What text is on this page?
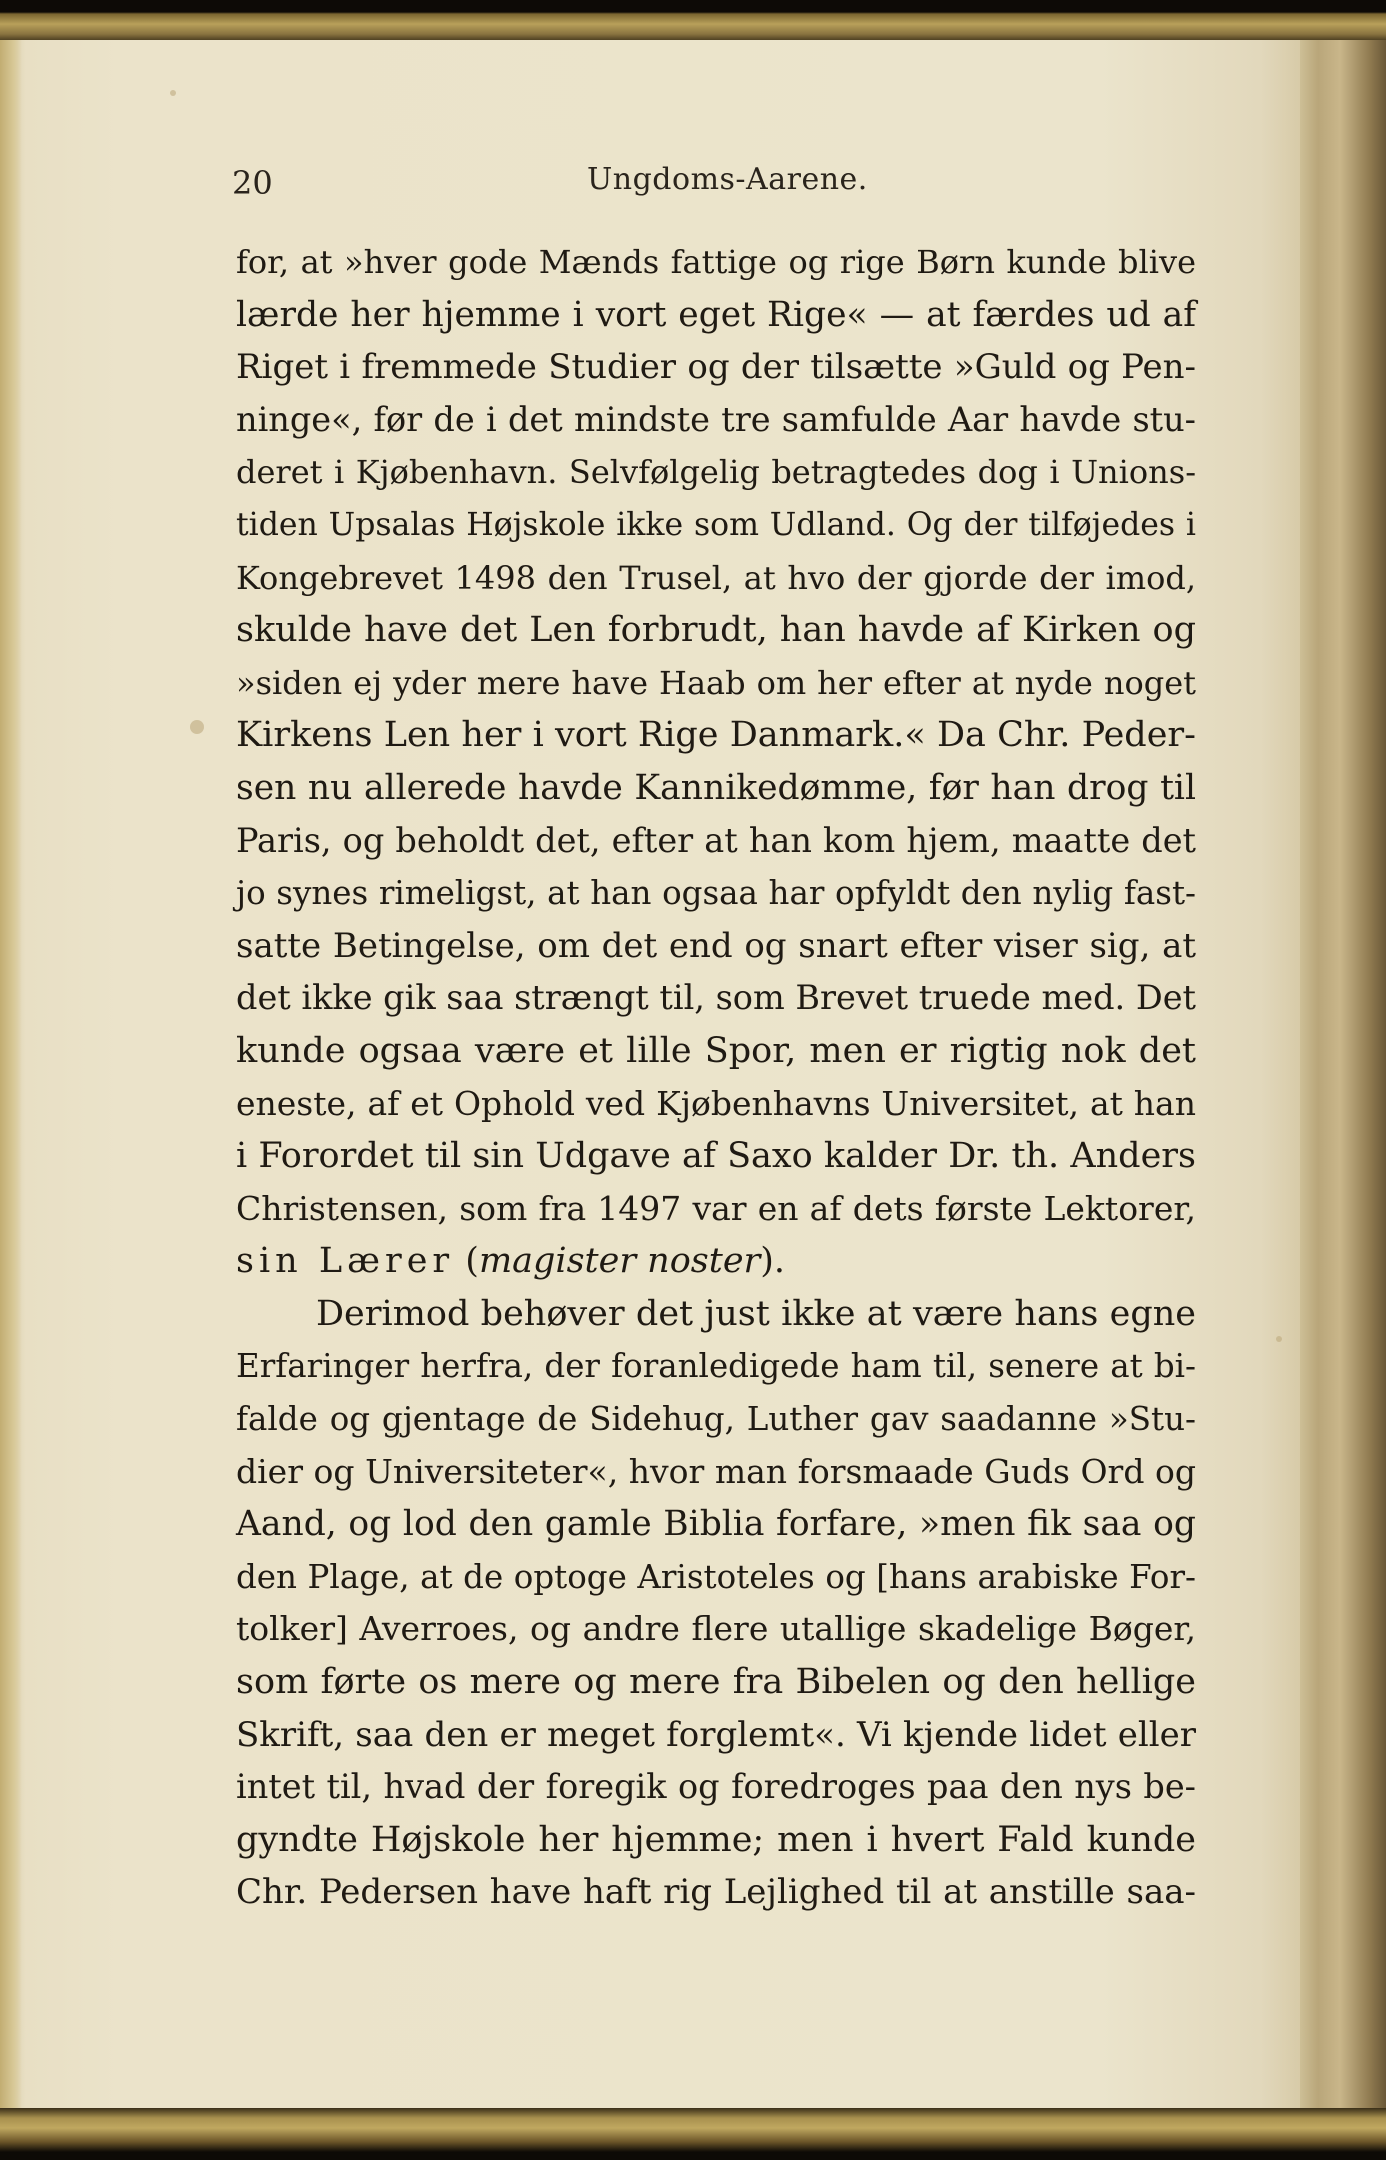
20	Ungdoms-Aarene.
for, at »hver gode Mænds fattige og rige Børn kunde blive
lærde her hjemme i vort eget Rige« — at færdes ud af
Riget i fremmede Studier og der tilsætte »Guld og Pen-
ninge«, før de i det mindste tre samfulde Aar havde stu-
deret i Kjøbenhavn. Selvfølgelig betragtedes dog i Unions-
tiden Upsalas Højskole ikke som Udland. Og der tilføjedes i
Kongebrevet 1498 den Trusel, at hvo der gjorde der imod,
skulde have det Len forbrudt, han havde af Kirken og
»siden ej yder mere have Haab om her efter at nyde noget
Kirkens Len her i vort Rige Danmark.« Da Chr. Peder-
sen nu allerede havde Kannikedømme, før han drog til
Paris, og beholdt det, efter at han kom hjem, maatte det
jo synes rimeligst, at han ogsaa har opfyldt den nylig fast-
satte Betingelse, om det end og snart efter viser sig, at
det ikke gik saa strængt til, som Brevet truede med. Det
kunde ogsaa være et lille Spor, men er rigtig nok det
eneste, af et Ophold ved Kjøbenhavns Universitet, at han
i Forordet til sin Udgave af Saxo kalder Dr. th. Anders
Christensen, som fra 1497 var en af dets første Lektorer,
sin Lærer (magister noster).
Derimod behøver det just ikke at være hans egne
Erfaringer herfra, der foranledigede ham til, senere at bi-
falde og gjentage de Sidehug, Luther gav saadanne »Stu-
dier og Universiteter«, hvor man forsmaade Guds Ord og
Aand, og lod den gamle Biblia forfare, »men fik saa og
den Plage, at de optoge Aristoteles og [hans arabiske For-
tolker] Averroes, og andre flere utallige skadelige Bøger,
som førte os mere og mere fra Bibelen og den hellige
Skrift, saa den er meget forglemt«. Vi kjende lidet eller
intet til, hvad der foregik og foredroges paa den nys be-
gyndte Højskole her hjemme; men i hvert Fald kunde
Chr. Pedersen have haft rig Lejlighed til at anstille saa-
